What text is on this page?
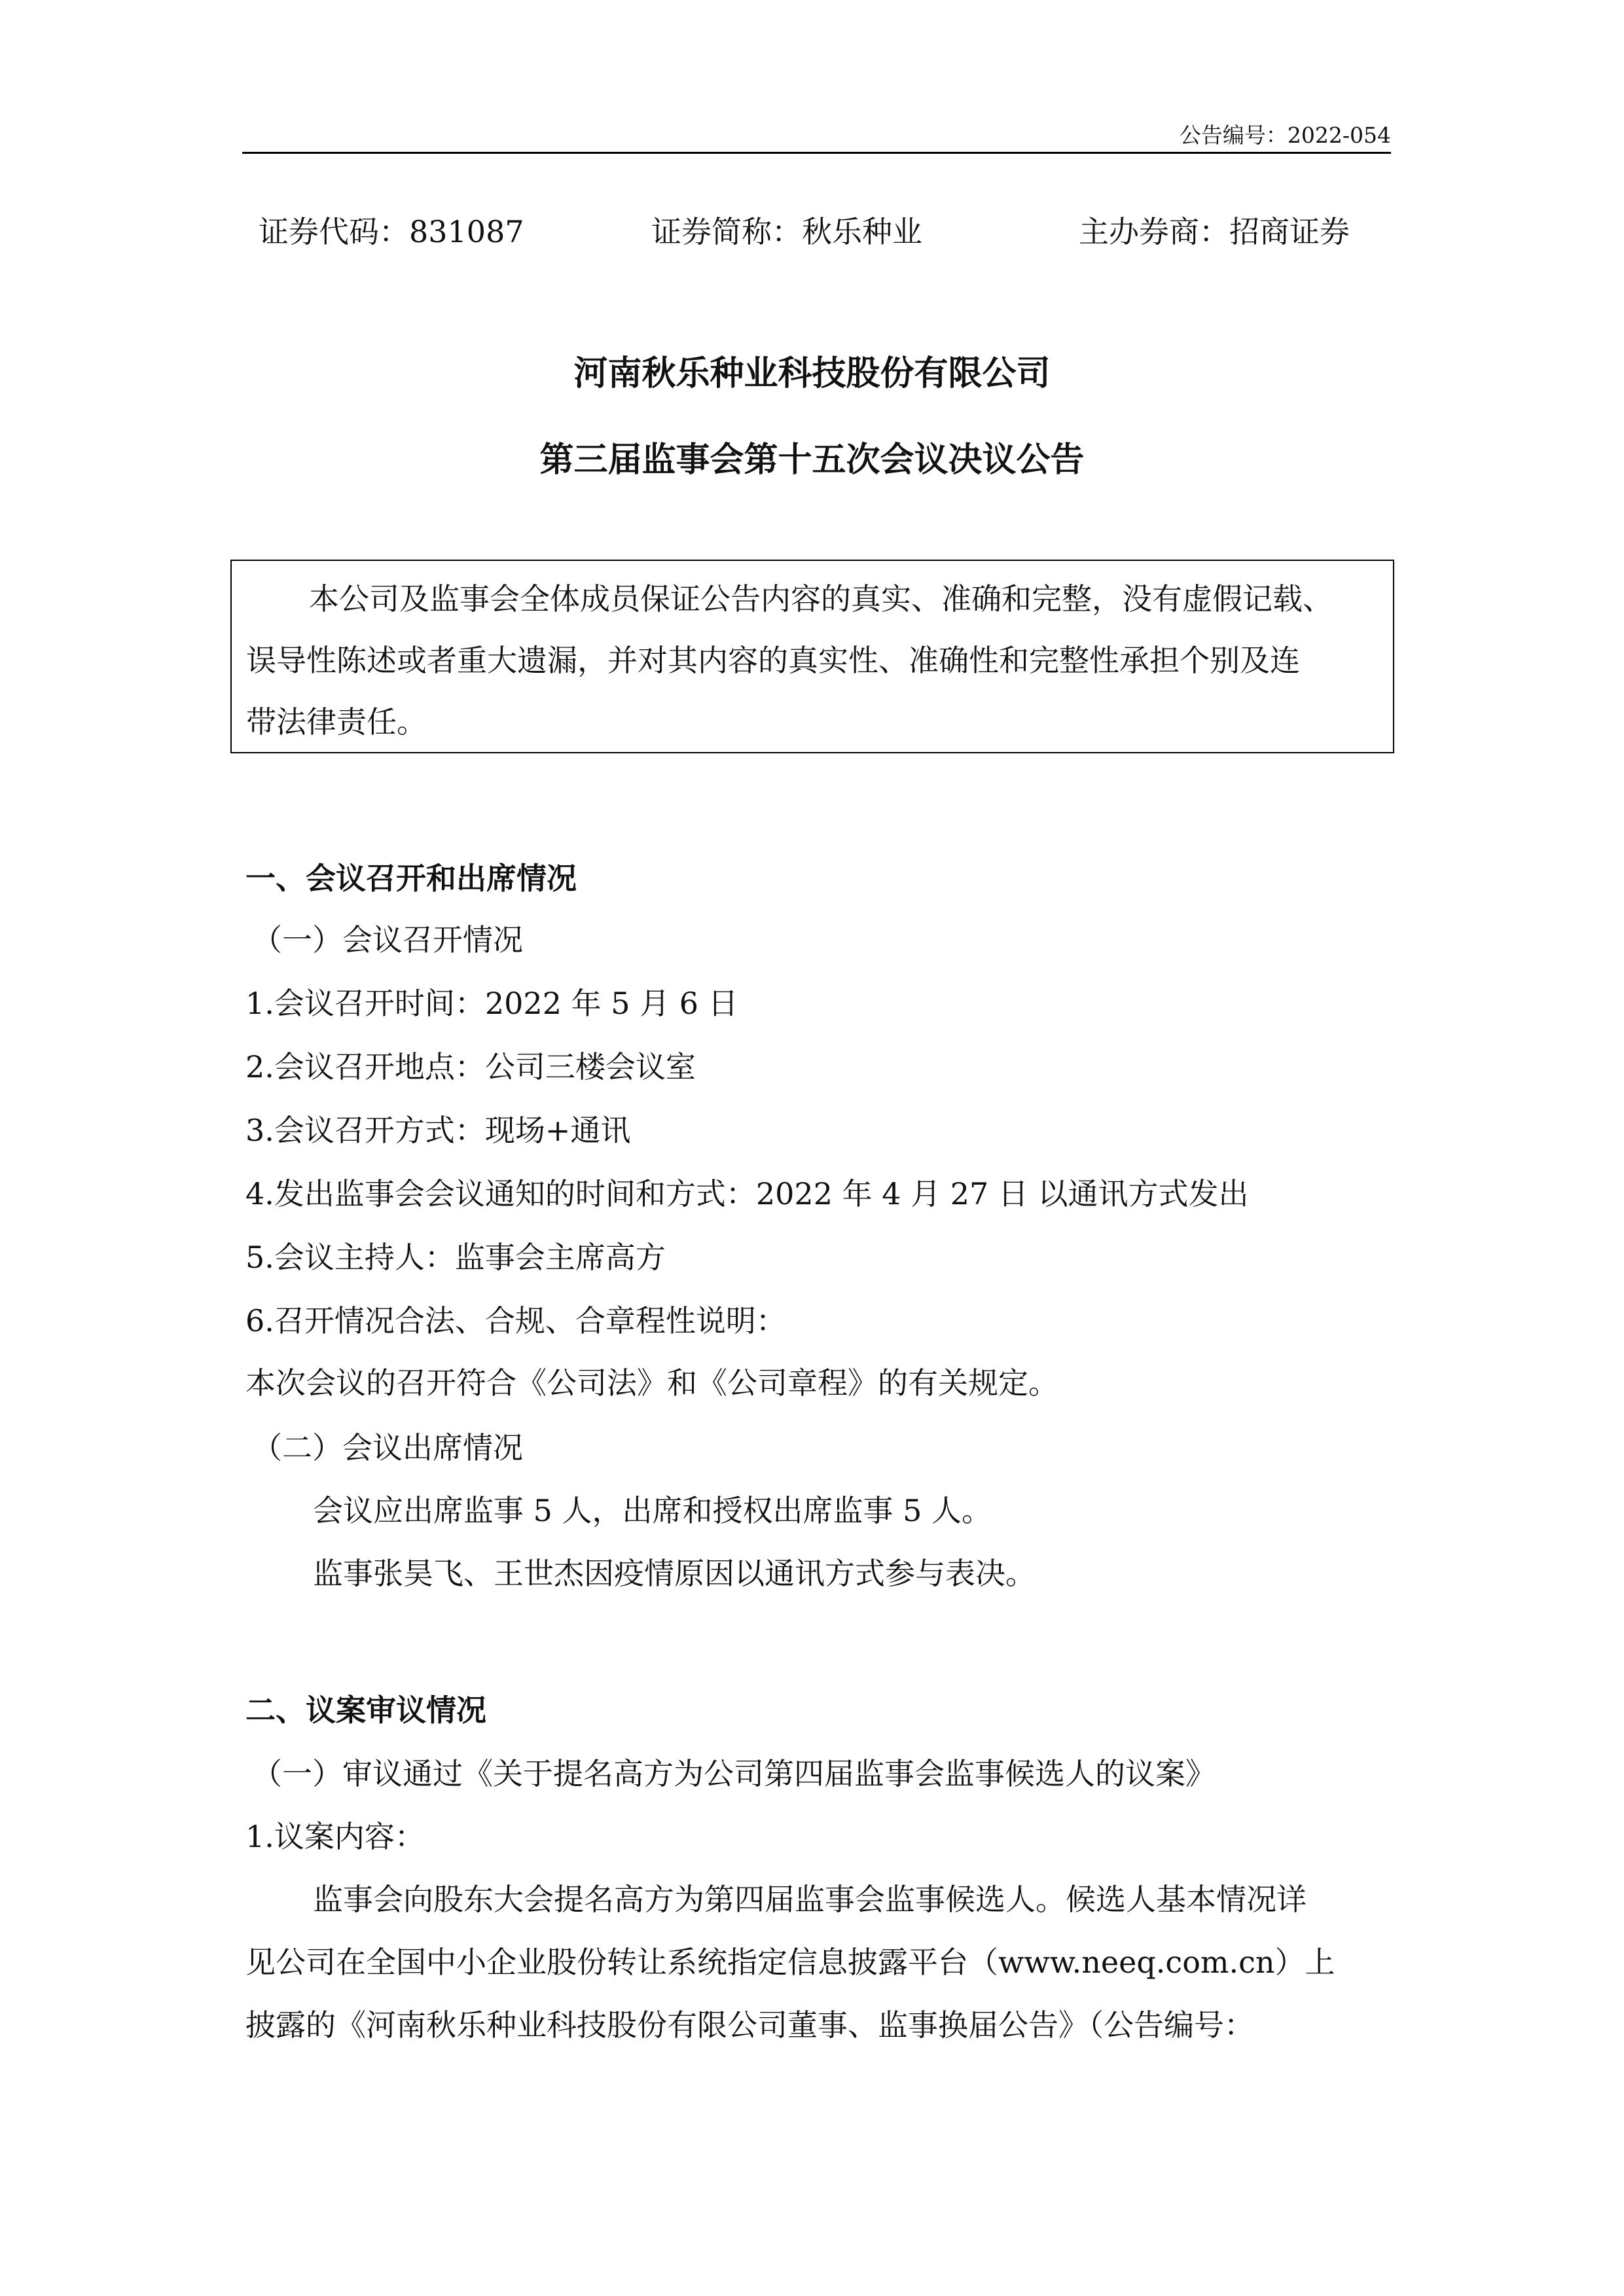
公告编号：2022-054
证券代码：831087	证券简称：秋乐种业	主办券商：招商证券
河南秋乐种业科技股份有限公司
第三届监事会第十五次会议决议公告
本公司及监事会全体成员保证公告内容的真实、准确和完整，没有虚假记载、
误导性陈述或者重大遗漏，并对其内容的真实性、准确性和完整性承担个别及连
带法律责任。
一、会议召开和出席情况
（一）会议召开情况
1.会议召开时间：2022 年 5 月 6 日
2.会议召开地点：公司三楼会议室
3.会议召开方式：现场+通讯
4.发出监事会会议通知的时间和方式：2022 年 4 月 27 日 以通讯方式发出
5.会议主持人：监事会主席高方
6.召开情况合法、合规、合章程性说明：
本次会议的召开符合《公司法》和《公司章程》的有关规定。
（二）会议出席情况
会议应出席监事 5 人，出席和授权出席监事 5 人。
监事张昊飞、王世杰因疫情原因以通讯方式参与表决。
二、议案审议情况
（一）审议通过《关于提名高方为公司第四届监事会监事候选人的议案》
1.议案内容：
监事会向股东大会提名高方为第四届监事会监事候选人。候选人基本情况详
见公司在全国中小企业股份转让系统指定信息披露平台（www.neeq.com.cn）上
披露的《河南秋乐种业科技股份有限公司董事、监事换届公告》（公告编号：
